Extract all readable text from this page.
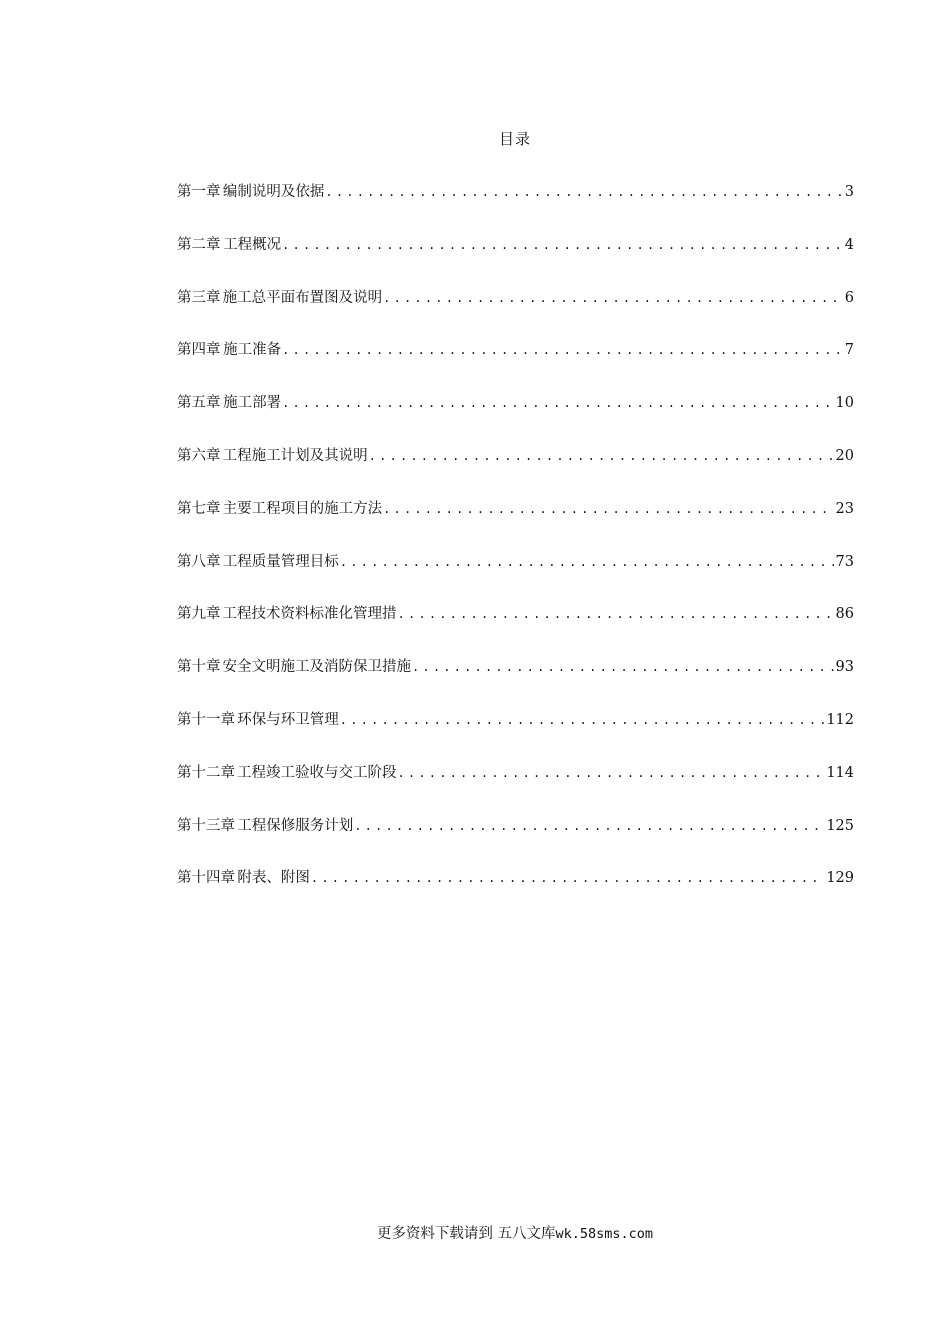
目录
第一章 编制说明及依据 .....	3
第二章 工程概况 .....	4
第三章 施工总平面布置图及说明 .....	6
第四章 施工准备 .....	7
第五章 施工部署 .....	10
第六章 工程施工计划及其说明 .....	20
第七章 主要工程项目的施工方法 .....	23
第八章 工程质量管理目标 .....	73
第九章 工程技术资料标准化管理措 .....	86
第十章 安全文明施工及消防保卫措施 .....	93
第十一章 环保与环卫管理 .....	112
第十二章 工程竣工验收与交工阶段 .....	114
第十三章 工程保修服务计划 .....	125
第十四章 附表、附图 .....	129
更多资料下载请到 五八文库wk.58sms.com
